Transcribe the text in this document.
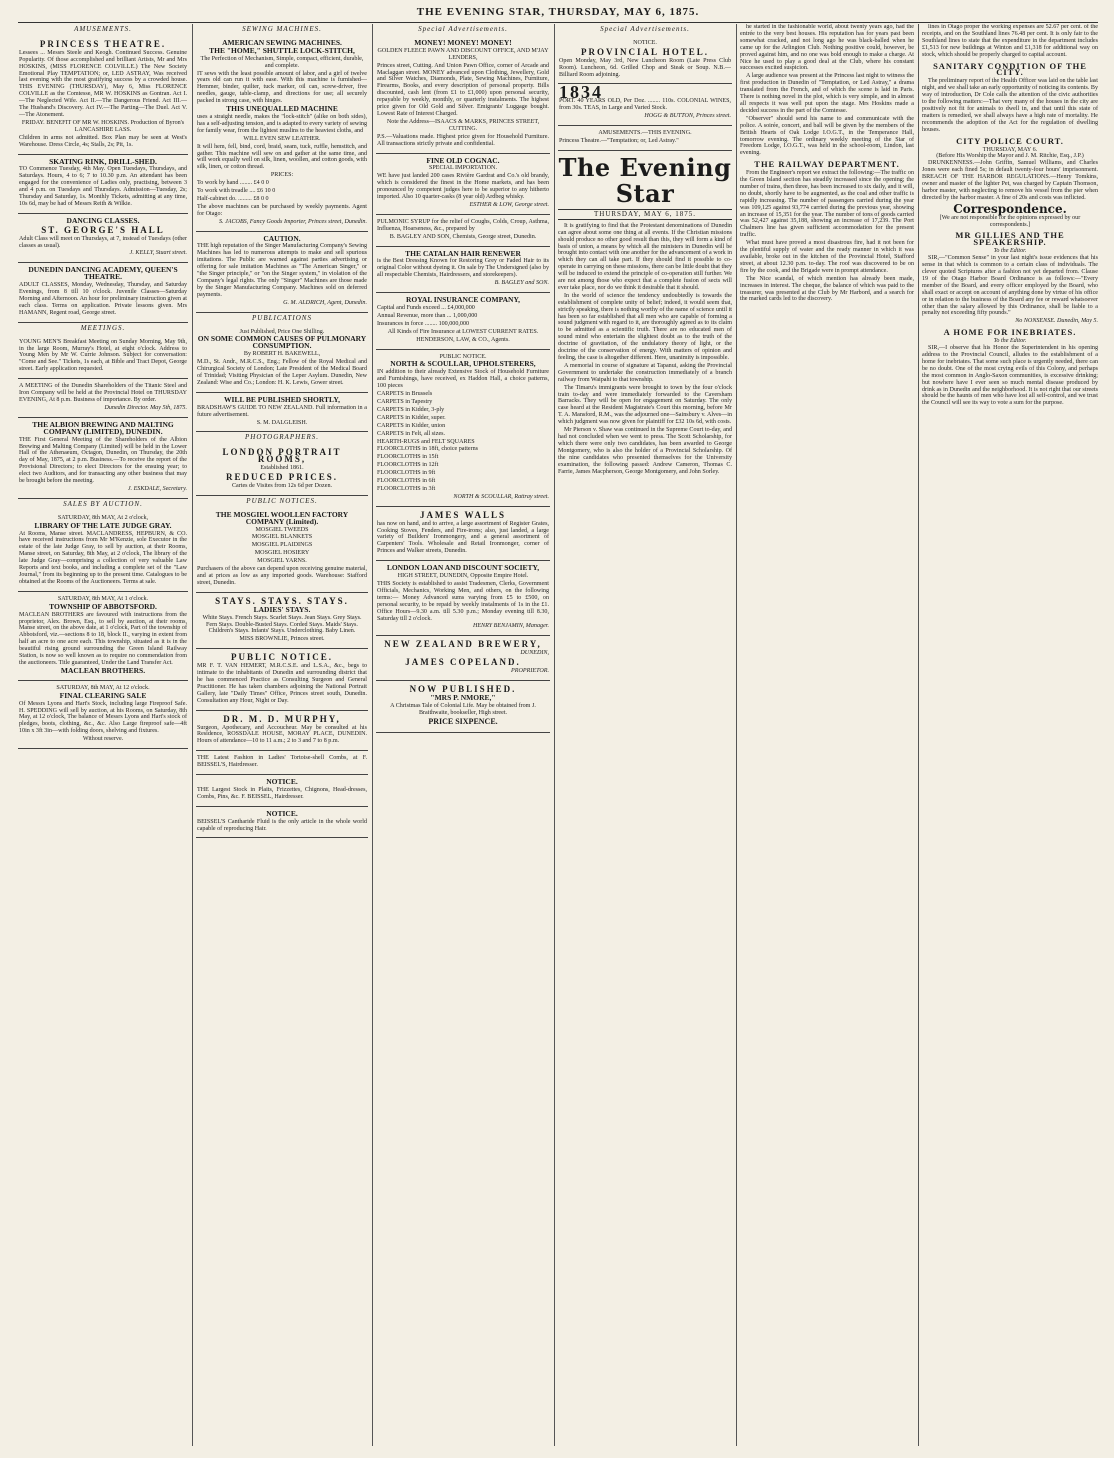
THE EVENING STAR, THURSDAY, MAY 6, 1875.
AMUSEMENTS.
PRINCESS THEATRE.
Lessees ... Messrs Steele and Keogh. Continued Success. Genuine Popularity. Of those accomplished and brilliant Artists, Mr and Mrs HOSKINS, (MISS FLORENCE COLVILLE.) The New Society Emotional Play TEMPTATION; or, LED ASTRAY, Was received last evening with the most gratifying success by a crowded house. THIS EVENING (THURSDAY), May 6, Miss FLORENCE COLVILLE as the Comtesse, MR W. HOSKINS as Gontran. Act I.—The Neglected Wife. Act II.—The Dangerous Friend. Act III.—The Husband's Discovery. Act IV.—The Parting—The Duel. Act V.—The Atonement.
FRIDAY. BENEFIT OF MR W. HOSKINS. Production of Byron's LANCASHIRE LASS.
Children in arms not admitted. Box Plan may be seen at West's Warehouse. Dress Circle, 4s; Stalls, 2s; Pit, 1s.
SKATING RINK, DRILL-SHED.
TO Commence Tuesday, 4th May. Open Tuesdays, Thursdays, and Saturdays. Hours, 4 to 6; 7 to 10.30 p.m. An attendant has been engaged for the convenience of Ladies only, practising, between 3 and 4 p.m. on Tuesdays and Thursdays. Admission—Tuesday, 2s; Thursday and Saturday, 1s. Monthly Tickets, admitting at any time, 10s 6d, may be had of Messrs Reith & Wilkie.
DANCING CLASSES.
ST. GEORGE'S HALL
Adult Class will meet on Thursdays, at 7, instead of Tuesdays (other classes as usual).
J. KELLY, Stuart street.
DUNEDIN DANCING ACADEMY, QUEEN'S THEATRE.
ADULT CLASSES, Monday, Wednesday, Thursday, and Saturday Evenings, from 8 till 10 o'clock. Juvenile Classes—Saturday Morning and Afternoon. An hour for preliminary instruction given at each class. Terms on application. Private lessons given. Mrs HAMANN, Regent road, George street.
MEETINGS.
YOUNG MEN'S Breakfast Meeting on Sunday Morning, May 9th, in the large Room, Murray's Hotel, at eight o'clock. Address to Young Men by Mr W. Currie Johnson. Subject for conversation: "Come and See." Tickets, 1s each, at Bible and Tract Depot, George street. Early application requested.
A MEETING of the Dunedin Shareholders of the Titanic Steel and Iron Company will be held at the Provincial Hotel on THURSDAY EVENING, At 8 p.m. Business of importance. By order.
Dunedin Director. May 5th, 1875.
THE ALBION BREWING AND MALTING COMPANY (LIMITED), DUNEDIN.
THE First General Meeting of the Shareholders of the Albion Brewing and Malting Company (Limited) will be held in the Lower Hall of the Athenaeum, Octagon, Dunedin, on Thursday, the 20th day of May, 1875, at 2 p.m. Business.—To receive the report of the Provisional Directors; to elect Directors for the ensuing year; to elect two Auditors, and for transacting any other business that may be brought before the meeting.
J. ESKDALE, Secretary.
SALES BY AUCTION.
SATURDAY, 8th MAY, At 2 o'clock,
LIBRARY OF THE LATE JUDGE GRAY.
At Rooms, Manse street. MACLANDRESS, HEPBURN, & CO. have received instructions from Mr M'Kenzie, sole Executor in the estate of the late Judge Gray, to sell by auction, at their Rooms, Manse street, on Saturday, 8th May, at 2 o'clock, The library of the late Judge Gray—comprising a collection of very valuable Law Reports and text books, and including a complete set of the "Law Journal," from its beginning up to the present time. Catalogues to be obtained at the Rooms of the Auctioneers. Terms at sale.
SATURDAY, 8th MAY, At 1 o'clock.
TOWNSHIP OF ABBOTSFORD.
MACLEAN BROTHERS are favoured with instructions from the proprietor, Alex. Brown, Esq., to sell by auction, at their rooms, Manse street, on the above date, at 1 o'clock, Part of the township of Abbotsford, viz.—sections 8 to 18, block II., varying in extent from half an acre to one acre each. This township, situated as it is in the beautiful rising ground surrounding the Green Island Railway Station, is now so well known as to require no commendation from the auctioneers. Title guaranteed, Under the Land Transfer Act.
MACLEAN BROTHERS.
SATURDAY, 8th MAY, At 12 o'clock.
FINAL CLEARING SALE
Of Messrs Lyons and Hart's Stock, including large Fireproof Safe. H. SPEDDING will sell by auction, at his Rooms, on Saturday, 8th May, at 12 o'clock, The balance of Messrs Lyons and Hart's stock of pledges, boots, clothing, &c., &c. Also Large fireproof safe—4ft 10in x 3ft 3in—with folding doors, shelving and fixtures.
Without reserve.
SEWING MACHINES.
AMERICAN SEWING MACHINES.
THE "HOME," SHUTTLE LOCK-STITCH,
The Perfection of Mechanism, Simple, compact, efficient, durable, and complete.
IT sews with the least possible amount of labor, and a girl of twelve years old can run it with ease. With this machine is furnished—Hemmer, binder, quilter, tuck marker, oil can, screw-driver, five needles, gauge, table-clamp, and directions for use; all securely packed in strong case, with hinges.
THIS UNEQUALLED MACHINE
uses a straight needle, makes the "lock-stitch" (alike on both sides), has a self-adjusting tension, and is adapted to every variety of sewing for family wear, from the lightest muslins to the heaviest cloths, and
WILL EVEN SEW LEATHER.
It will hem, fell, bind, cord, braid, seam, tuck, ruffle, hemstitch, and gather. This machine will sew on and gather at the same time, and will work equally well on silk, linen, woollen, and cotton goods, with silk, linen, or cotton thread.
PRICES:
To work by hand ........ £4 0 0
To work with treadle .... £6 10 0
Half-cabinet do. ......... £8 0 0
The above machines can be purchased by weekly payments. Agent for Otago:
S. JACOBS, Fancy Goods Importer, Princes street, Dunedin.
CAUTION.
THE high reputation of the Singer Manufacturing Company's Sewing Machines has led to numerous attempts to make and sell spurious imitations. The Public are warned against parties advertising or offering for sale imitation Machines as "The American Singer," or "the Singer principle," or "on the Singer system," in violation of the Company's legal rights. The only "Singer" Machines are those made by the Singer Manufacturing Company. Machines sold on deferred payments.
G. M. ALDRICH, Agent, Dunedin.
PUBLICATIONS
Just Published, Price One Shilling.
ON SOME COMMON CAUSES OF PULMONARY CONSUMPTION.
By ROBERT H. BAKEWELL,
M.D., St. Andr., M.R.C.S., Eng.; Fellow of the Royal Medical and Chirurgical Society of London; Late President of the Medical Board of Trinidad; Visiting Physician of the Leper Asylum. Dunedin, New Zealand: Wise and Co.; London: H. K. Lewis, Gower street.
WILL BE PUBLISHED SHORTLY,
BRADSHAW'S GUIDE TO NEW ZEALAND. Full information in a future advertisement.
S. M. DALGLEISH.
PHOTOGRAPHERS.
LONDON PORTRAIT ROOMS,
Established 1861.
REDUCED PRICES.
Cartes de Visites from 12s 6d per Dozen.
PUBLIC NOTICES.
THE MOSGIEL WOOLLEN FACTORY COMPANY (Limited).
MOSGIEL TWEEDS
MOSGIEL BLANKETS
MOSGIEL PLAIDINGS
MOSGIEL HOSIERY
MOSGIEL YARNS.
Purchasers of the above can depend upon receiving genuine material, and at prices as low as any imported goods. Warehouse: Stafford street, Dunedin.
STAYS. STAYS. STAYS.
LADIES' STAYS.
White Stays. French Stays. Scarlet Stays. Jean Stays. Grey Stays. Fern Stays. Double-Busted Stays. Corded Stays. Maids' Stays. Children's Stays. Infants' Stays. Underclothing. Baby Linen.
MISS BROWNLIE, Princes street.
PUBLIC NOTICE.
MR F. T. VAN HEMERT, M.R.C.S.E. and L.S.A., &c., begs to intimate to the inhabitants of Dunedin and surrounding district that he has commenced Practice as Consulting Surgeon and General Practitioner. He has taken chambers adjoining the National Portrait Gallery, late "Daily Times" Office, Princes street south, Dunedin. Consultation any Hour, Night or Day.
DR. M. D. MURPHY,
Surgeon, Apothecary, and Accoucheur. May be consulted at his Residence, ROSSDALE HOUSE, MORAY PLACE, DUNEDIN. Hours of attendance—10 to 11 a.m.; 2 to 3 and 7 to 8 p.m.
THE Latest Fashion in Ladies' Tortoise-shell Combs, at F. BEISSEL'S, Hairdresser.
NOTICE.
THE Largest Stock in Plaits, Frizzettes, Chignons, Head-dresses, Combs, Pins, &c. F. BEISSEL, Hairdresser.
NOTICE.
BEISSEL'S Cantharide Fluid is the only article in the whole world capable of reproducing Hair.
Special Advertisements.
MONEY! MONEY! MONEY!
GOLDEN FLEECE PAWN AND DISCOUNT OFFICE, AND M'JAY LENDERS,
Princes street, Cutting. And Union Pawn Office, corner of Arcade and Maclaggan street. MONEY advanced upon Clothing, Jewellery, Gold and Silver Watches, Diamonds, Plate, Sewing Machines, Furniture, Firearms, Books, and every description of personal property. Bills discounted, cash lent (from £1 to £1,000) upon personal security, repayable by weekly, monthly, or quarterly instalments. The highest price given for Old Gold and Silver. Emigrants' Luggage bought. Lowest Rate of Interest Charged.
Note the Address—ISAACS & MARKS, PRINCES STREET, CUTTING.
P.S.—Valuations made. Highest price given for Household Furniture. All transactions strictly private and confidential.
FINE OLD COGNAC.
SPECIAL IMPORTATION.
WE have just landed 200 cases Rivière Gardrat and Co.'s old brandy, which is considered the finest in the Home markets, and has been pronounced by competent judges here to be superior to any hitherto imported. Also 10 quarter-casks (8 year old) Ardbeg whisky.
ESTHER & LOW, George street.
PULMONIC SYRUP for the relief of Coughs, Colds, Croup, Asthma, Influenza, Hoarseness, &c., prepared by
B. BAGLEY AND SON, Chemists, George street, Dunedin.
THE CATALAN HAIR RENEWER
is the Best Dressing Known for Restoring Grey or Faded Hair to its original Color without dyeing it. On sale by The Undersigned (also by all respectable Chemists, Hairdressers, and storekeepers).
B. BAGLEY and SON.
ROYAL INSURANCE COMPANY,
Capital and Funds exceed ... £4,000,000
Annual Revenue, more than ... 1,000,000
Insurances in force ........ 100,000,000
All Kinds of Fire Insurance at LOWEST CURRENT RATES.
HENDERSON, LAW, & CO., Agents.
PUBLIC NOTICE.
NORTH & SCOULLAR, UPHOLSTERERS,
IN addition to their already Extensive Stock of Household Furniture and Furnishings, have received, ex Haddon Hall, a choice patterns, 100 pieces
CARPETS in Brussels
CARPETS in Tapestry
CARPETS in Kidder, 3-ply
CARPETS in Kidder, super.
CARPETS in Kidder, union
CARPETS in Felt, all sizes.
HEARTH-RUGS and FELT SQUARES
FLOORCLOTHS in 18ft, choice patterns
FLOORCLOTHS in 15ft
FLOORCLOTHS in 12ft
FLOORCLOTHS in 9ft
FLOORCLOTHS in 6ft
FLOORCLOTHS in 3ft
NORTH & SCOULLAR, Rattray street.
JAMES WALLS
has now on hand, and to arrive, a large assortment of Register Grates, Cooking Stoves, Fenders, and Fire-irons; also, just landed, a large variety of Builders' Ironmongery, and a general assortment of Carpenters' Tools. Wholesale and Retail Ironmonger, corner of Princes and Walker streets, Dunedin.
LONDON LOAN AND DISCOUNT SOCIETY,
HIGH STREET, DUNEDIN, Opposite Empire Hotel.
THIS Society is established to assist Tradesmen, Clerks, Government Officials, Mechanics, Working Men, and others, on the following terms:— Money Advanced sums varying from £5 to £500, on personal security, to be repaid by weekly instalments of 1s in the £1. Office Hours—9.30 a.m. till 5.30 p.m.; Monday evening till 8.30, Saturday till 2 o'clock.
HENRY BENJAMIN, Manager.
NEW ZEALAND BREWERY,
DUNEDIN,
JAMES COPELAND.
PROPRIETOR.
NOW PUBLISHED.
"MRS P. NMORE,"
A Christmas Tale of Colonial Life. May be obtained from J. Braithwaite, bookseller, High street.
PRICE SIXPENCE.
Special Advertisements.
NOTICE.
PROVINCIAL HOTEL.
Open Monday, May 3rd, New Luncheon Room (Late Press Club Room). Luncheon, 6d. Grilled Chop and Steak or Soup. N.B.—Billiard Room adjoining.
1834
PORT. 40 YEARS OLD, Per Doz. ........ 110s. COLONIAL WINES, from 30s. TEAS, in Large and Varied Stock.
HOGG & BUTTON, Princes street.
AMUSEMENTS.—THIS EVENING.
Princess Theatre.—"Temptation; or, Led Astray."
The Evening Star
THURSDAY, MAY 6, 1875.
It is gratifying to find that the Protestant denominations of Dunedin can agree about some one thing at all events. If the Christian missions should produce no other good result than this, they will form a kind of basis of union, a means by which all the ministers in Dunedin will be brought into contact with one another for the advancement of a work in which they can all take part. If they should find it possible to co-operate in carrying on these missions, there can be little doubt that they will be induced to extend the principle of co-operation still further. We are not among those who expect that a complete fusion of sects will ever take place, nor do we think it desirable that it should.
In the world of science the tendency undoubtedly is towards the establishment of complete unity of belief; indeed, it would seem that, strictly speaking, there is nothing worthy of the name of science until it has been so far established that all men who are capable of forming a sound judgment with regard to it, are thoroughly agreed as to its claim to be admitted as a scientific truth. There are no educated men of sound mind who entertain the slightest doubt as to the truth of the doctrine of gravitation, of the undulatory theory of light, or the doctrine of the conservation of energy. With matters of opinion and feeling, the case is altogether different. Here, unanimity is impossible.
A memorial in course of signature at Tapanui, asking the Provincial Government to undertake the construction immediately of a branch railway from Waipahi to that township.
The Timaru's immigrants were brought to town by the four o'clock train to-day and were immediately forwarded to the Caversham Barracks. They will be open for engagement on Saturday. The only case heard at the Resident Magistrate's Court this morning, before Mr T. A. Mansford, R.M., was the adjourned one—Sainsbury v. Alves—in which judgment was now given for plaintiff for £32 10s 6d, with costs.
Mr Pierson v. Shaw was continued in the Supreme Court to-day, and had not concluded when we went to press. The Scott Scholarship, for which there were only two candidates, has been awarded to George Montgomery, who is also the holder of a Provincial Scholarship. Of the nine candidates who presented themselves for the University examination, the following passed: Andrew Cameron, Thomas C. Farrie, James Macpherson, George Montgomery, and John Sorley.
he started in the fashionable world, about twenty years ago, had the entrée to the very best houses. His reputation has for years past been somewhat cracked, and not long ago he was black-balled when he came up for the Arlington Club. Nothing positive could, however, be proved against him, and no one was bold enough to make a charge. At Nice he used to play a good deal at the Club, where his constant successes excited suspicion.
A large audience was present at the Princess last night to witness the first production in Dunedin of "Temptation, or Led Astray," a drama translated from the French, and of which the scene is laid in Paris. There is nothing novel in the plot, which is very simple, and in almost all respects it was well put upon the stage. Mrs Hoskins made a decided success in the part of the Comtesse.
"Observer" should send his name to and communicate with the police. A soirée, concert, and ball will be given by the members of the British Hearts of Oak Lodge I.O.G.T., in the Temperance Hall, tomorrow evening. The ordinary weekly meeting of the Star of Freedom Lodge, I.O.G.T., was held in the school-room, Lindon, last evening.
THE RAILWAY DEPARTMENT.
From the Engineer's report we extract the following:—The traffic on the Green Island section has steadily increased since the opening; the number of trains, then three, has been increased to six daily, and it will, no doubt, shortly have to be augmented, as the coal and other traffic is rapidly increasing. The number of passengers carried during the year was 109,125 against 93,774 carried during the previous year, showing an increase of 15,351 for the year. The number of tons of goods carried was 52,427 against 35,188, showing an increase of 17,239. The Port Chalmers line has given sufficient accommodation for the present traffic.
What must have proved a most disastrous fire, had it not been for the plentiful supply of water and the ready manner in which it was available, broke out in the kitchen of the Provincial Hotel, Stafford street, at about 12.30 p.m. to-day. The roof was discovered to be on fire by the cook, and the Brigade were in prompt attendance.
The Nice scandal, of which mention has already been made, increases in interest. The cheque, the balance of which was paid to the treasurer, was presented at the Club by Mr Harbord, and a search for the marked cards led to the discovery.
lines in Otago proper the working expenses are 52.67 per cent. of the receipts, and on the Southland lines 76.48 per cent. It is only fair to the Southland lines to state that the expenditure in the department includes £1,513 for new buildings at Winton and £1,318 for additional way on stock, which should be properly charged to capital account.
SANITARY CONDITION OF THE CITY.
The preliminary report of the Health Officer was laid on the table last night, and we shall take an early opportunity of noticing its contents. By way of introduction, Dr Cole calls the attention of the civic authorities to the following matters:—That very many of the houses in the city are positively not fit for animals to dwell in, and that until this state of matters is remedied, we shall always have a high rate of mortality. He recommends the adoption of the Act for the regulation of dwelling houses.
CITY POLICE COURT.
THURSDAY, MAY 6.
(Before His Worship the Mayor and J. M. Ritchie, Esq., J.P.)
DRUNKENNESS.—John Griffin, Samuel Williams, and Charles Jones were each fined 5s; in default twenty-four hours' imprisonment. BREACH OF THE HARBOR REGULATIONS.—Henry Tomkins, owner and master of the lighter Pet, was charged by Captain Thomson, harbor master, with neglecting to remove his vessel from the pier when directed by the harbor master. A fine of 20s and costs was inflicted.
Correspondence.
[We are not responsible for the opinions expressed by our correspondents.]
MR GILLIES AND THE SPEAKERSHIP.
To the Editor.
SIR,—"Common Sense" in your last night's issue evidences that his sense in that which is common to a certain class of individuals. The clever quoted Scriptures after a fashion not yet departed from. Clause 19 of the Otago Harbor Board Ordinance is as follows:—"Every member of the Board, and every officer employed by the Board, who shall exact or accept on account of anything done by virtue of his office or in relation to the business of the Board any fee or reward whatsoever other than the salary allowed by this Ordinance, shall be liable to a penalty not exceeding fifty pounds."
No NONSENSE. Dunedin, May 5.
A HOME FOR INEBRIATES.
To the Editor.
SIR,—I observe that his Honor the Superintendent in his opening address to the Provincial Council, alludes to the establishment of a home for inebriates. That some such place is urgently needed, there can be no doubt. One of the most crying evils of this Colony, and perhaps the most common in Anglo-Saxon communities, is excessive drinking; but nowhere have I ever seen so much mental disease produced by drink as in Dunedin and the neighborhood. It is not right that our streets should be the haunts of men who have lost all self-control, and we trust the Council will see its way to vote a sum for the purpose.
